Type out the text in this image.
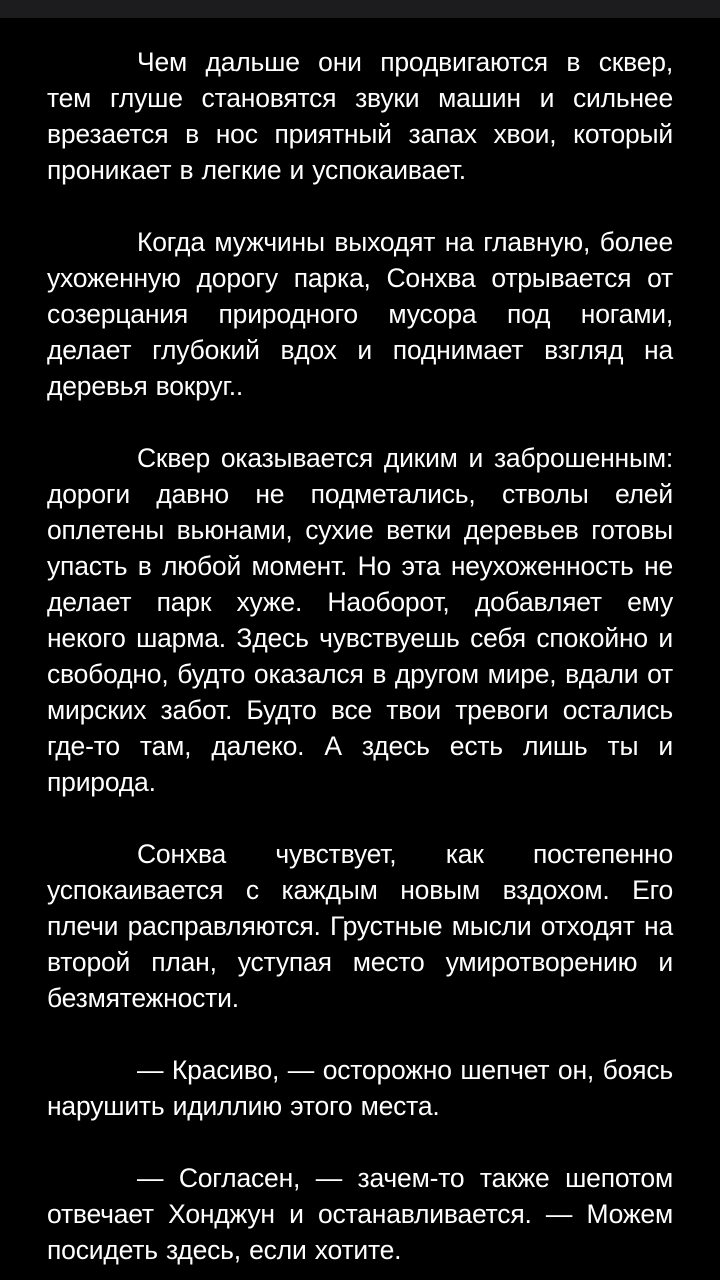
Чем дальше они продвигаются в сквер, тем глуше становятся звуки машин и сильнее врезается в нос приятный запах хвои, который проникает в легкие и успокаивает.

Когда мужчины выходят на главную, более ухоженную дорогу парка, Сонхва отрывается от созерцания природного мусора под ногами, делает глубокий вдох и поднимает взгляд на деревья вокруг..

Сквер оказывается диким и заброшенным: дороги давно не подметались, стволы елей оплетены вьюнами, сухие ветки деревьев готовы упасть в любой момент. Но эта неухоженность не делает парк хуже. Наоборот, добавляет ему некого шарма. Здесь чувствуешь себя спокойно и свободно, будто оказался в другом мире, вдали от мирских забот. Будто все твои тревоги остались где-то там, далеко. А здесь есть лишь ты и природа.

Сонхва чувствует, как постепенно успокаивается с каждым новым вздохом. Его плечи расправляются. Грустные мысли отходят на второй план, уступая место умиротворению и безмятежности.

— Красиво, — осторожно шепчет он, боясь нарушить идиллию этого места.

— Согласен, — зачем-то также шепотом отвечает Хонджун и останавливается. — Можем посидеть здесь, если хотите.
